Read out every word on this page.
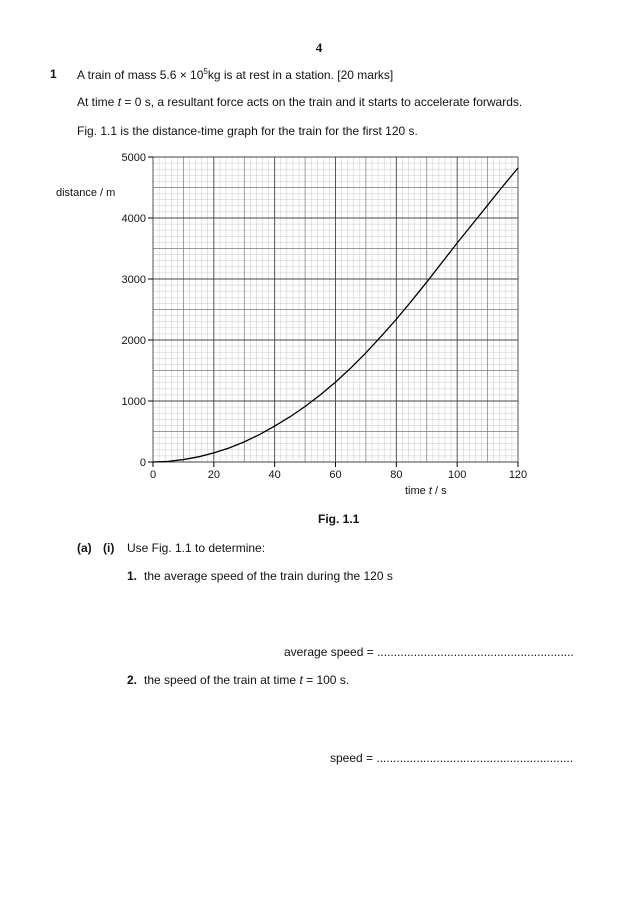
4
1 A train of mass $5.6 \times 10^5kg$ is at rest in a station. [20 marks]
At time t = 0 s, a resultant force acts on the train and it starts to accelerate forwards.
Fig. 1.1 is the distance-time graph for the train for the first 120 s.
0
1000
2000
3000
4000
5000
0	20	40	60	80	100	120
distance / m
time t / s
Fig. 1.1
(a) (i) Use Fig. 1.1 to determine:
1. the average speed of the train during the 120 s
average speed = ...........................................................
2. the speed of the train at time t = 100 s.
speed = ...........................................................
